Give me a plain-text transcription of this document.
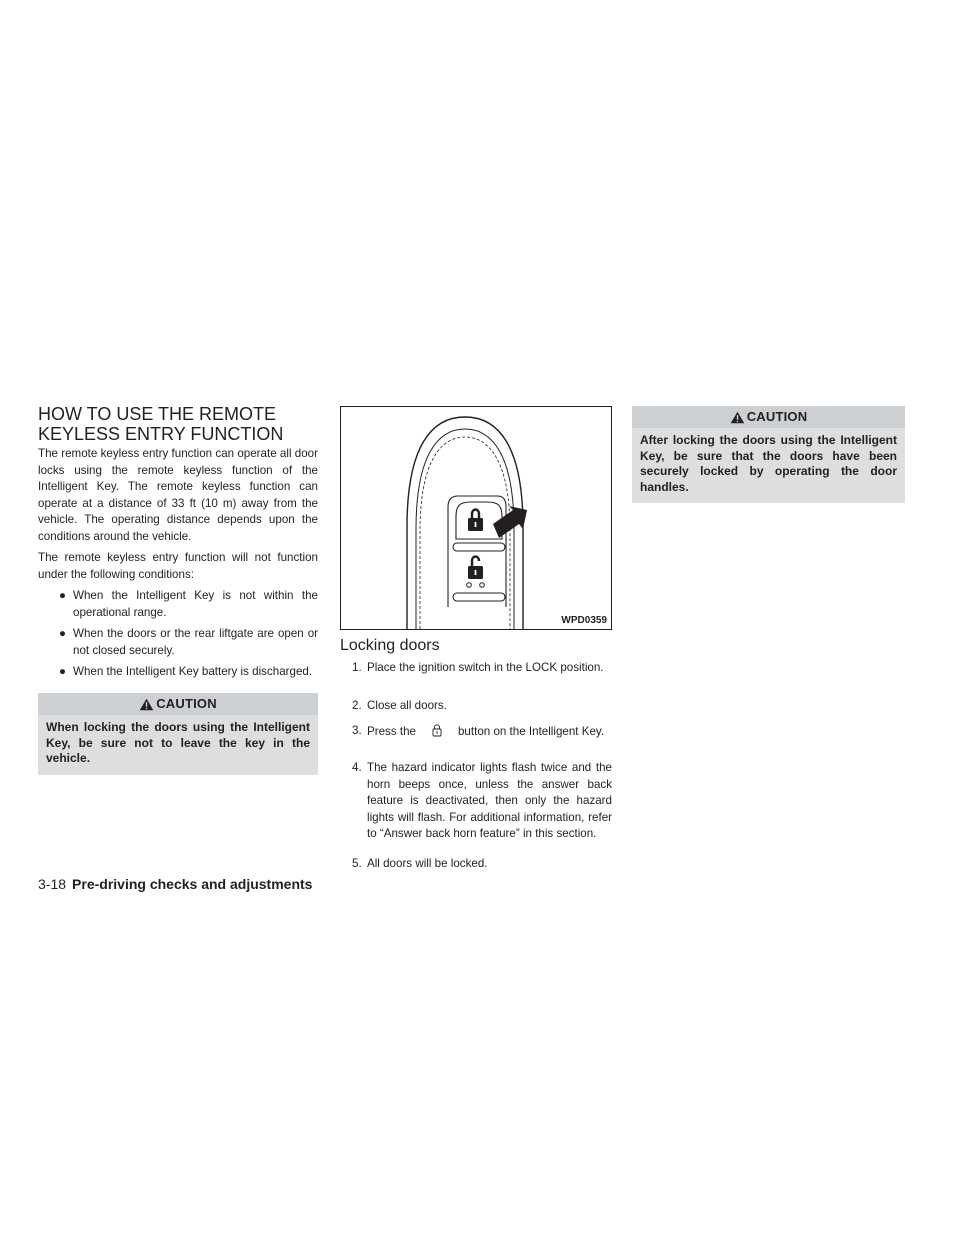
HOW TO USE THE REMOTE
KEYLESS ENTRY FUNCTION
The remote keyless entry function can operate all door locks using the remote keyless function of the Intelligent Key. The remote keyless function can operate at a distance of 33 ft (10 m) away from the vehicle. The operating distance depends upon the conditions around the vehicle.
The remote keyless entry function will not function under the following conditions:
● When the Intelligent Key is not within the operational range.
● When the doors or the rear liftgate are open or not closed securely.
● When the Intelligent Key battery is discharged.
CAUTION
When locking the doors using the Intelligent Key, be sure not to leave the key in the vehicle.
WPD0359
Locking doors
1. Place the ignition switch in the LOCK position.
2. Close all doors.
3. Press the	button on the Intelligent Key.
4. The hazard indicator lights flash twice and the horn beeps once, unless the answer back feature is deactivated, then only the hazard lights will flash. For additional information, refer to “Answer back horn feature” in this section.
5. All doors will be locked.
CAUTION
After locking the doors using the Intelligent Key, be sure that the doors have been securely locked by operating the door handles.
3-18 Pre-driving checks and adjustments
